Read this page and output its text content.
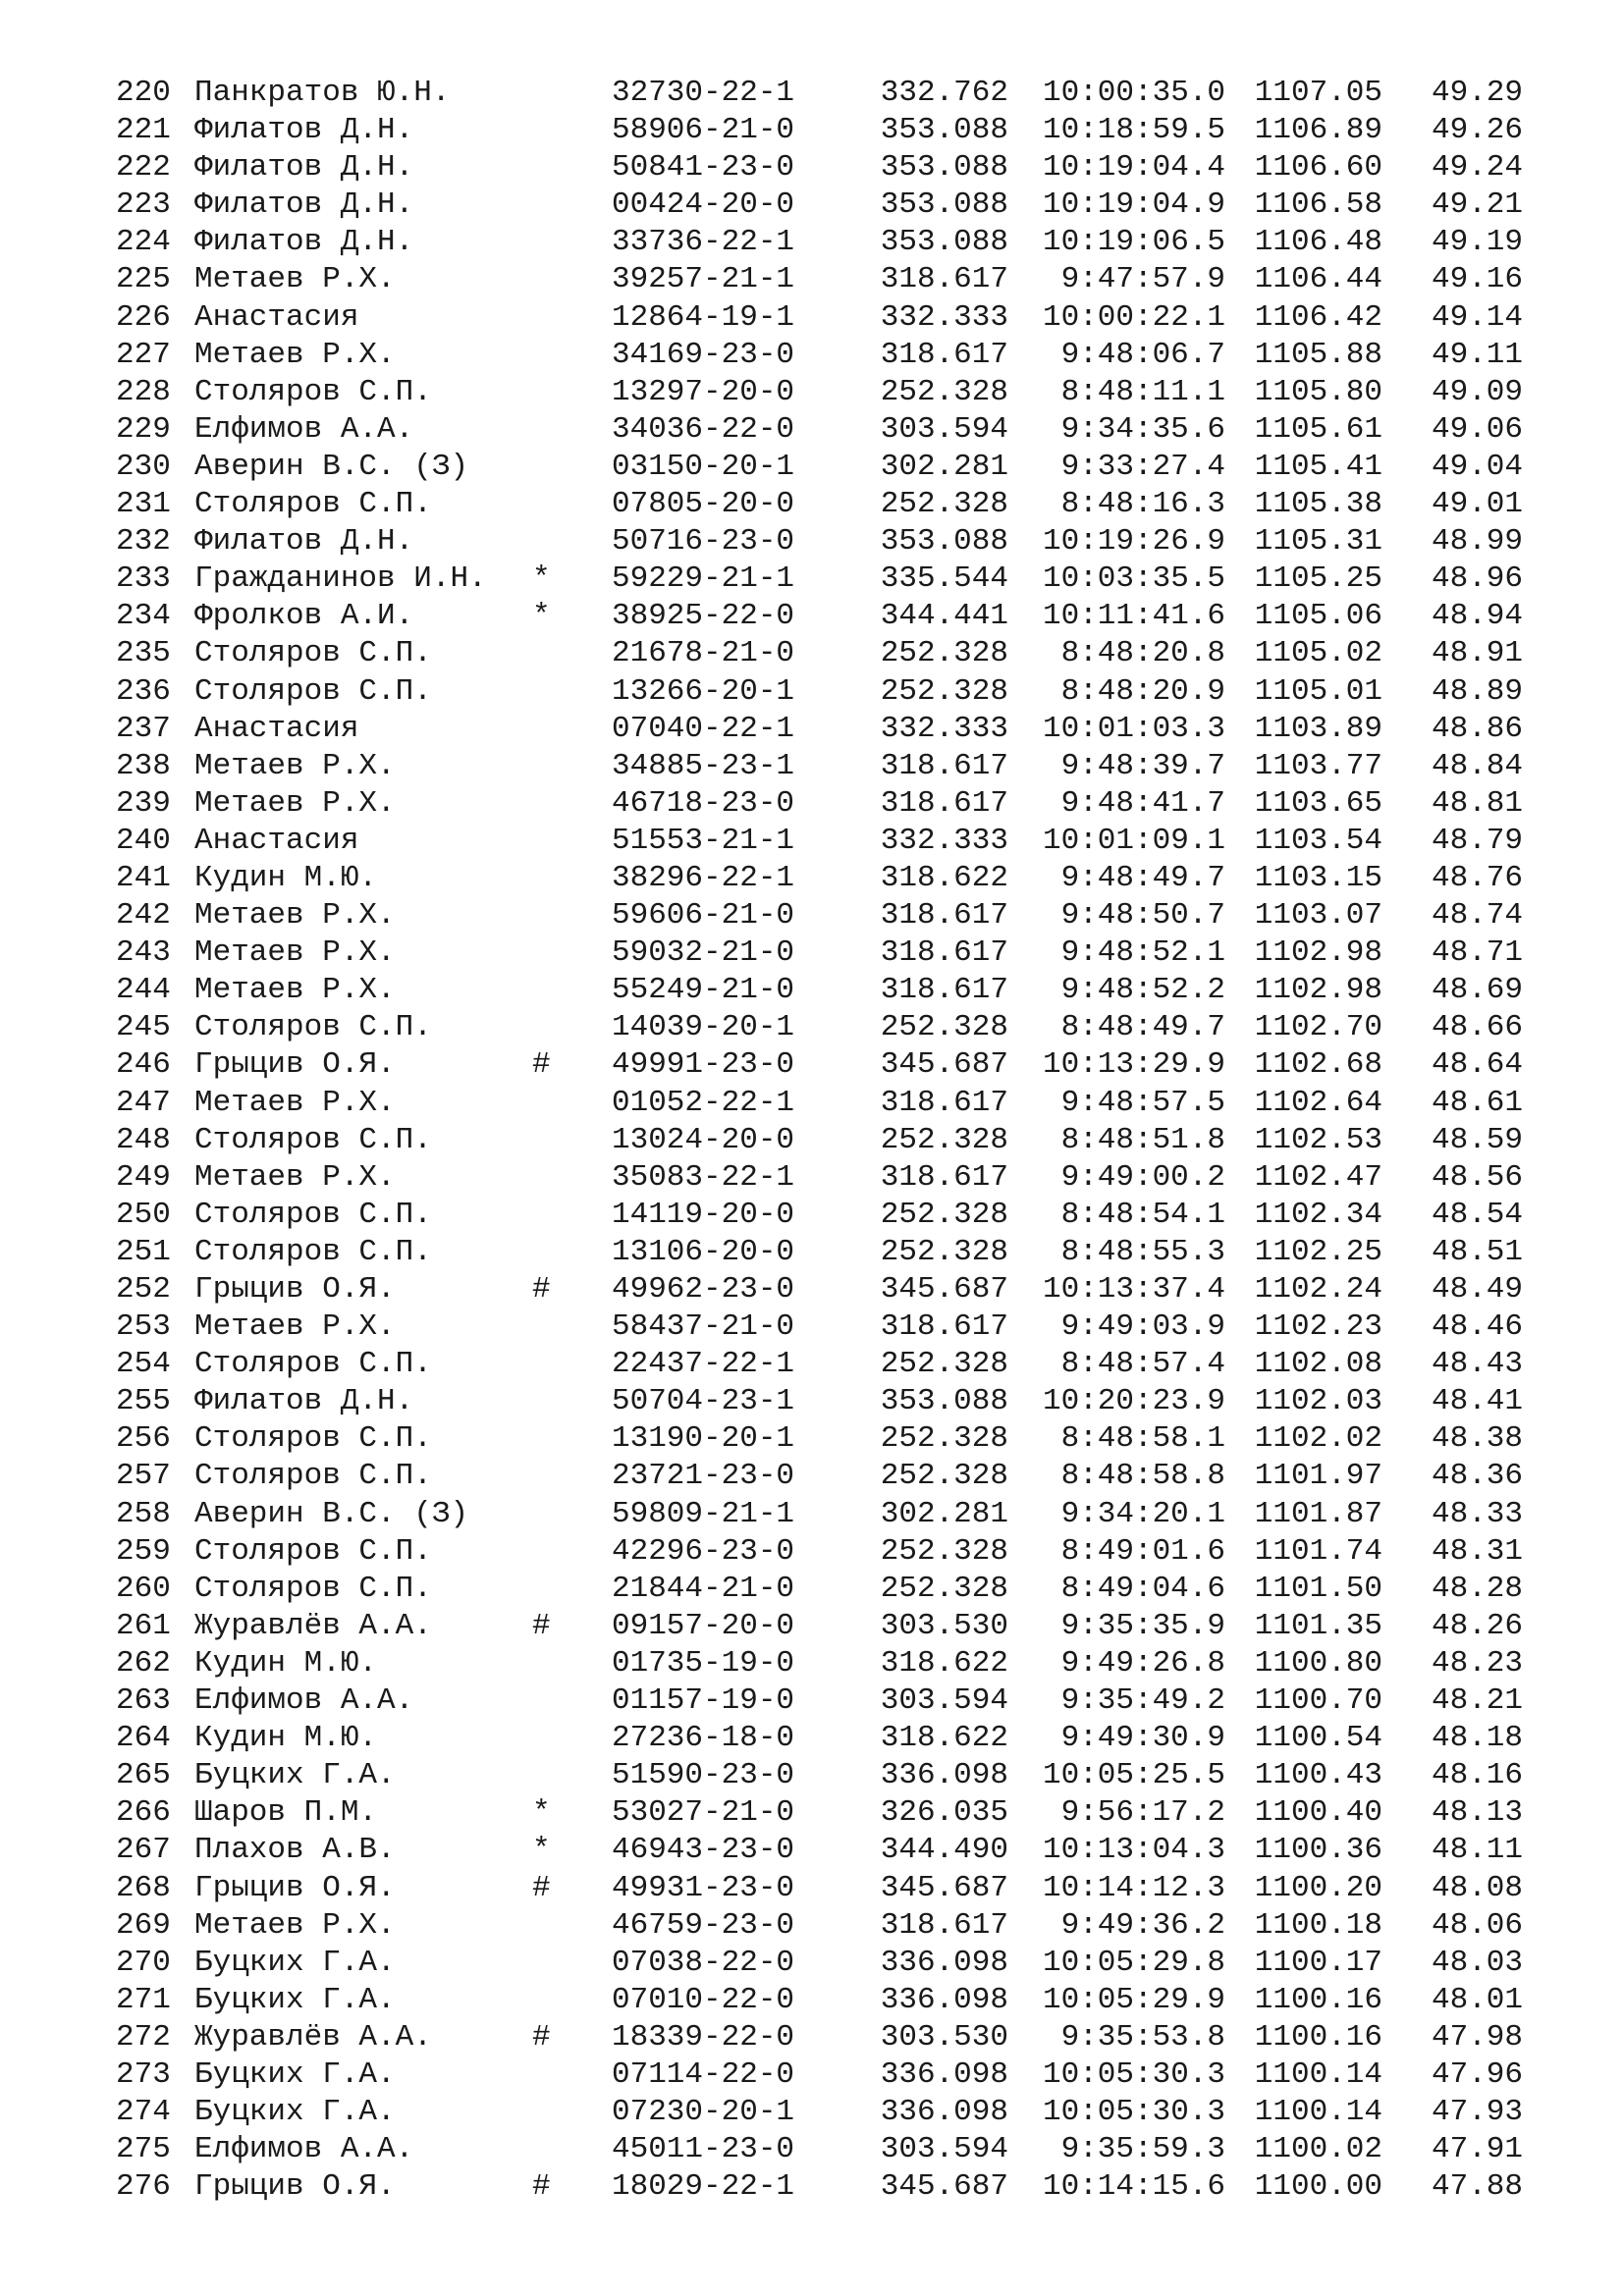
220 Панкратов Ю.Н.	32730-22-1	332.762 10:00:35.0 1107.05 49.29
221 Филатов Д.Н.	58906-21-0	353.088 10:18:59.5 1106.89 49.26
222 Филатов Д.Н.	50841-23-0	353.088 10:19:04.4 1106.60 49.24
223 Филатов Д.Н.	00424-20-0	353.088 10:19:04.9 1106.58 49.21
224 Филатов Д.Н.	33736-22-1	353.088 10:19:06.5 1106.48 49.19
225 Метаев Р.Х.	39257-21-1	318.617 9:47:57.9 1106.44 49.16
226 Анастасия	12864-19-1	332.333 10:00:22.1 1106.42 49.14
227 Метаев Р.Х.	34169-23-0	318.617 9:48:06.7 1105.88 49.11
228 Столяров С.П.	13297-20-0	252.328 8:48:11.1 1105.80 49.09
229 Елфимов А.А.	34036-22-0	303.594 9:34:35.6 1105.61 49.06
230 Аверин В.С. (З)	03150-20-1	302.281 9:33:27.4 1105.41 49.04
231 Столяров С.П.	07805-20-0	252.328 8:48:16.3 1105.38 49.01
232 Филатов Д.Н.	50716-23-0	353.088 10:19:26.9 1105.31 48.99
233 Гражданинов И.Н. * 59229-21-1	335.544 10:03:35.5 1105.25 48.96
234 Фролков А.И.	* 38925-22-0	344.441 10:11:41.6 1105.06 48.94
235 Столяров С.П.	21678-21-0	252.328 8:48:20.8 1105.02 48.91
236 Столяров С.П.	13266-20-1	252.328 8:48:20.9 1105.01 48.89
237 Анастасия	07040-22-1	332.333 10:01:03.3 1103.89 48.86
238 Метаев Р.Х.	34885-23-1	318.617 9:48:39.7 1103.77 48.84
239 Метаев Р.Х.	46718-23-0	318.617 9:48:41.7 1103.65 48.81
240 Анастасия	51553-21-1	332.333 10:01:09.1 1103.54 48.79
241 Кудин М.Ю.	38296-22-1	318.622 9:48:49.7 1103.15 48.76
242 Метаев Р.Х.	59606-21-0	318.617 9:48:50.7 1103.07 48.74
243 Метаев Р.Х.	59032-21-0	318.617 9:48:52.1 1102.98 48.71
244 Метаев Р.Х.	55249-21-0	318.617 9:48:52.2 1102.98 48.69
245 Столяров С.П.	14039-20-1	252.328 8:48:49.7 1102.70 48.66
246 Грыцив О.Я.	# 49991-23-0	345.687 10:13:29.9 1102.68 48.64
247 Метаев Р.Х.	01052-22-1	318.617 9:48:57.5 1102.64 48.61
248 Столяров С.П.	13024-20-0	252.328 8:48:51.8 1102.53 48.59
249 Метаев Р.Х.	35083-22-1	318.617 9:49:00.2 1102.47 48.56
250 Столяров С.П.	14119-20-0	252.328 8:48:54.1 1102.34 48.54
251 Столяров С.П.	13106-20-0	252.328 8:48:55.3 1102.25 48.51
252 Грыцив О.Я.	# 49962-23-0	345.687 10:13:37.4 1102.24 48.49
253 Метаев Р.Х.	58437-21-0	318.617 9:49:03.9 1102.23 48.46
254 Столяров С.П.	22437-22-1	252.328 8:48:57.4 1102.08 48.43
255 Филатов Д.Н.	50704-23-1	353.088 10:20:23.9 1102.03 48.41
256 Столяров С.П.	13190-20-1	252.328 8:48:58.1 1102.02 48.38
257 Столяров С.П.	23721-23-0	252.328 8:48:58.8 1101.97 48.36
258 Аверин В.С. (З)	59809-21-1	302.281 9:34:20.1 1101.87 48.33
259 Столяров С.П.	42296-23-0	252.328 8:49:01.6 1101.74 48.31
260 Столяров С.П.	21844-21-0	252.328 8:49:04.6 1101.50 48.28
261 Журавлёв А.А.	# 09157-20-0	303.530 9:35:35.9 1101.35 48.26
262 Кудин М.Ю.	01735-19-0	318.622 9:49:26.8 1100.80 48.23
263 Елфимов А.А.	01157-19-0	303.594 9:35:49.2 1100.70 48.21
264 Кудин М.Ю.	27236-18-0	318.622 9:49:30.9 1100.54 48.18
265 Буцких Г.А.	51590-23-0	336.098 10:05:25.5 1100.43 48.16
266 Шаров П.М.	* 53027-21-0	326.035 9:56:17.2 1100.40 48.13
267 Плахов А.В.	* 46943-23-0	344.490 10:13:04.3 1100.36 48.11
268 Грыцив О.Я.	# 49931-23-0	345.687 10:14:12.3 1100.20 48.08
269 Метаев Р.Х.	46759-23-0	318.617 9:49:36.2 1100.18 48.06
270 Буцких Г.А.	07038-22-0	336.098 10:05:29.8 1100.17 48.03
271 Буцких Г.А.	07010-22-0	336.098 10:05:29.9 1100.16 48.01
272 Журавлёв А.А.	# 18339-22-0	303.530 9:35:53.8 1100.16 47.98
273 Буцких Г.А.	07114-22-0	336.098 10:05:30.3 1100.14 47.96
274 Буцких Г.А.	07230-20-1	336.098 10:05:30.3 1100.14 47.93
275 Елфимов А.А.	45011-23-0	303.594 9:35:59.3 1100.02 47.91
276 Грыцив О.Я.	# 18029-22-1	345.687 10:14:15.6 1100.00 47.88
